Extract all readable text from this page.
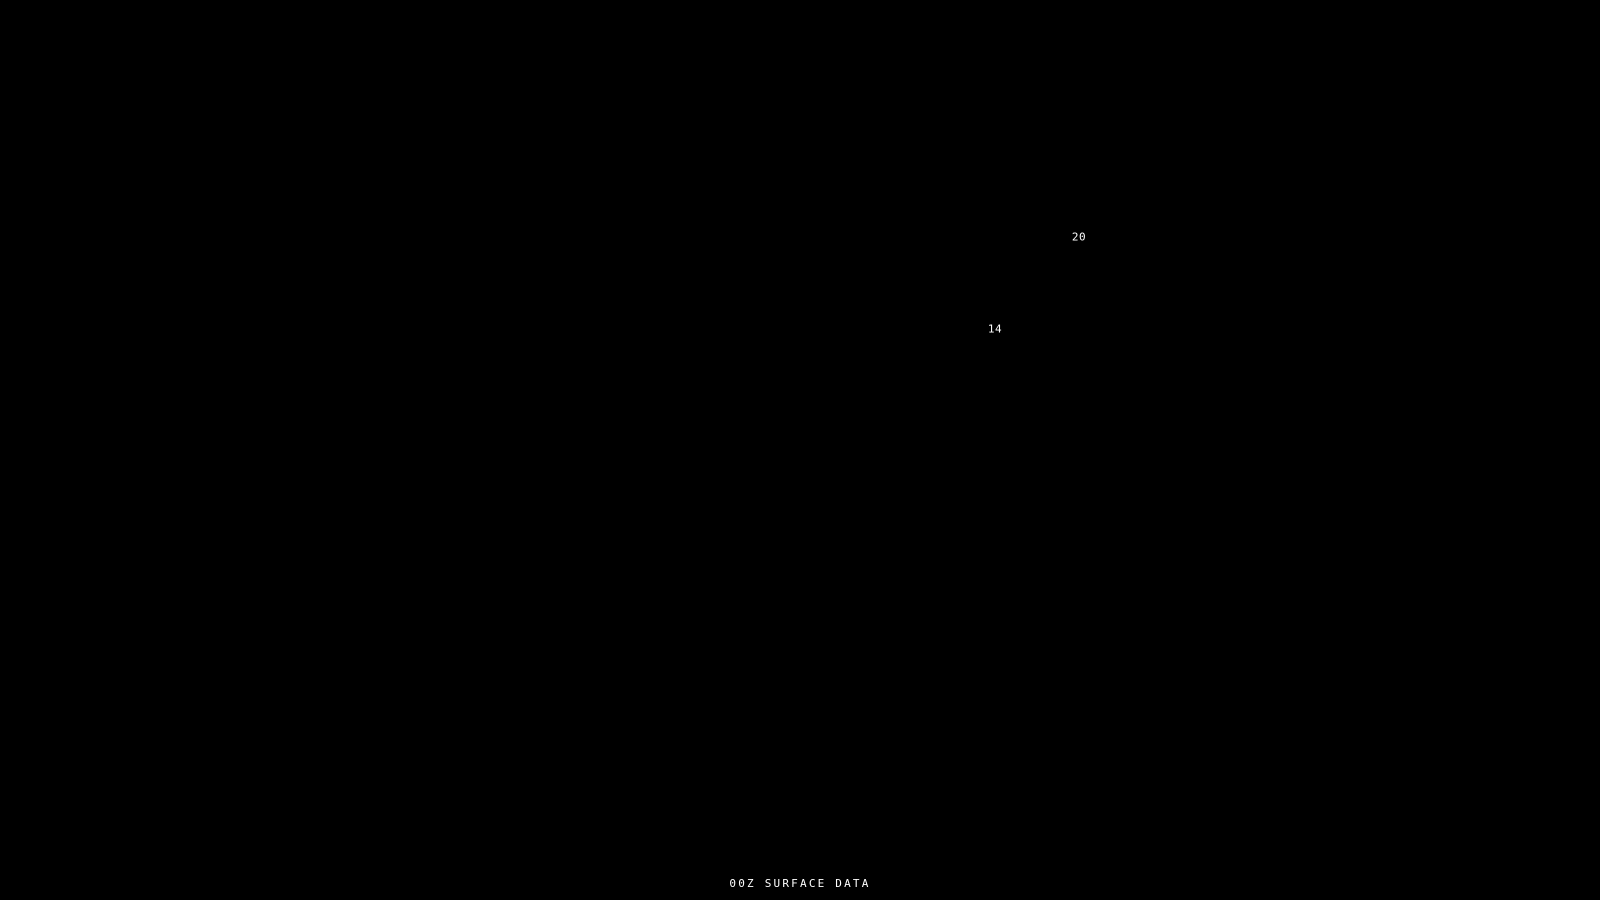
20
14
00Z SURFACE DATA
